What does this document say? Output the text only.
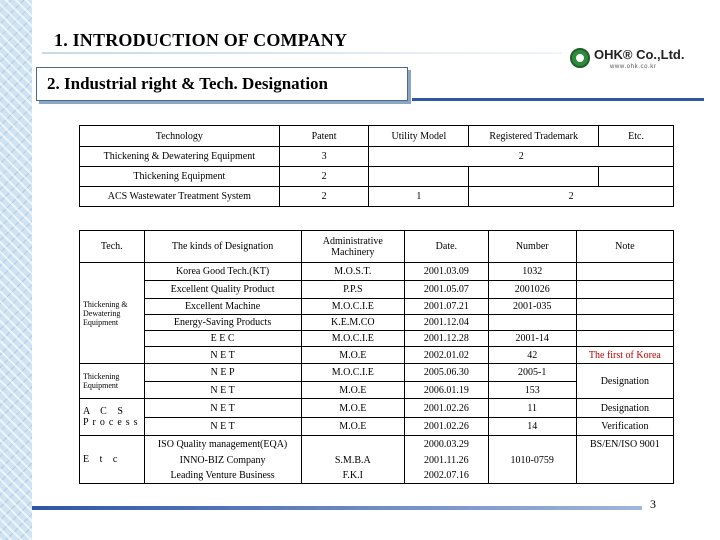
1. INTRODUCTION OF COMPANY
OHK® Co.,Ltd.
www.ohk.co.kr
2. Industrial right & Tech. Designation
Technology	Patent	Utility Model	Registered Trademark	Etc.
Thickening & Dewatering Equipment	3	2		
Thickening Equipment	2			
ACS Wastewater Treatment System	2	1	2	
Tech.	The kinds of Designation	Administrative Machinery	Date.	Number	Note
Thickening & Dewatering Equipment	Korea Good Tech.(KT)	M.O.S.T.	2001.03.09	1032	
	Excellent Quality Product	P.P.S	2001.05.07	2001026	
	Excellent Machine	M.O.C.I.E	2001.07.21	2001-035	
	Energy-Saving Products	K.E.M.CO	2001.12.04		
	E E C	M.O.C.I.E	2001.12.28	2001-14	
	N E T	M.O.E	2002.01.02	42	The first of Korea
Thickening Equipment	N E P	M.O.C.I.E	2005.06.30	2005-1	Designation
	N E T	M.O.E	2006.01.19	153	
A C S Process	N E T	M.O.E	2001.02.26	11	Designation
	N E T	M.O.E	2001.02.26	14	Verification
E t c	ISO Quality management(EQA)		2000.03.29		BS/EN/ISO 9001
	INNO-BIZ Company	S.M.B.A	2001.11.26	1010-0759	
	Leading Venture Business	F.K.I	2002.07.16		
3
